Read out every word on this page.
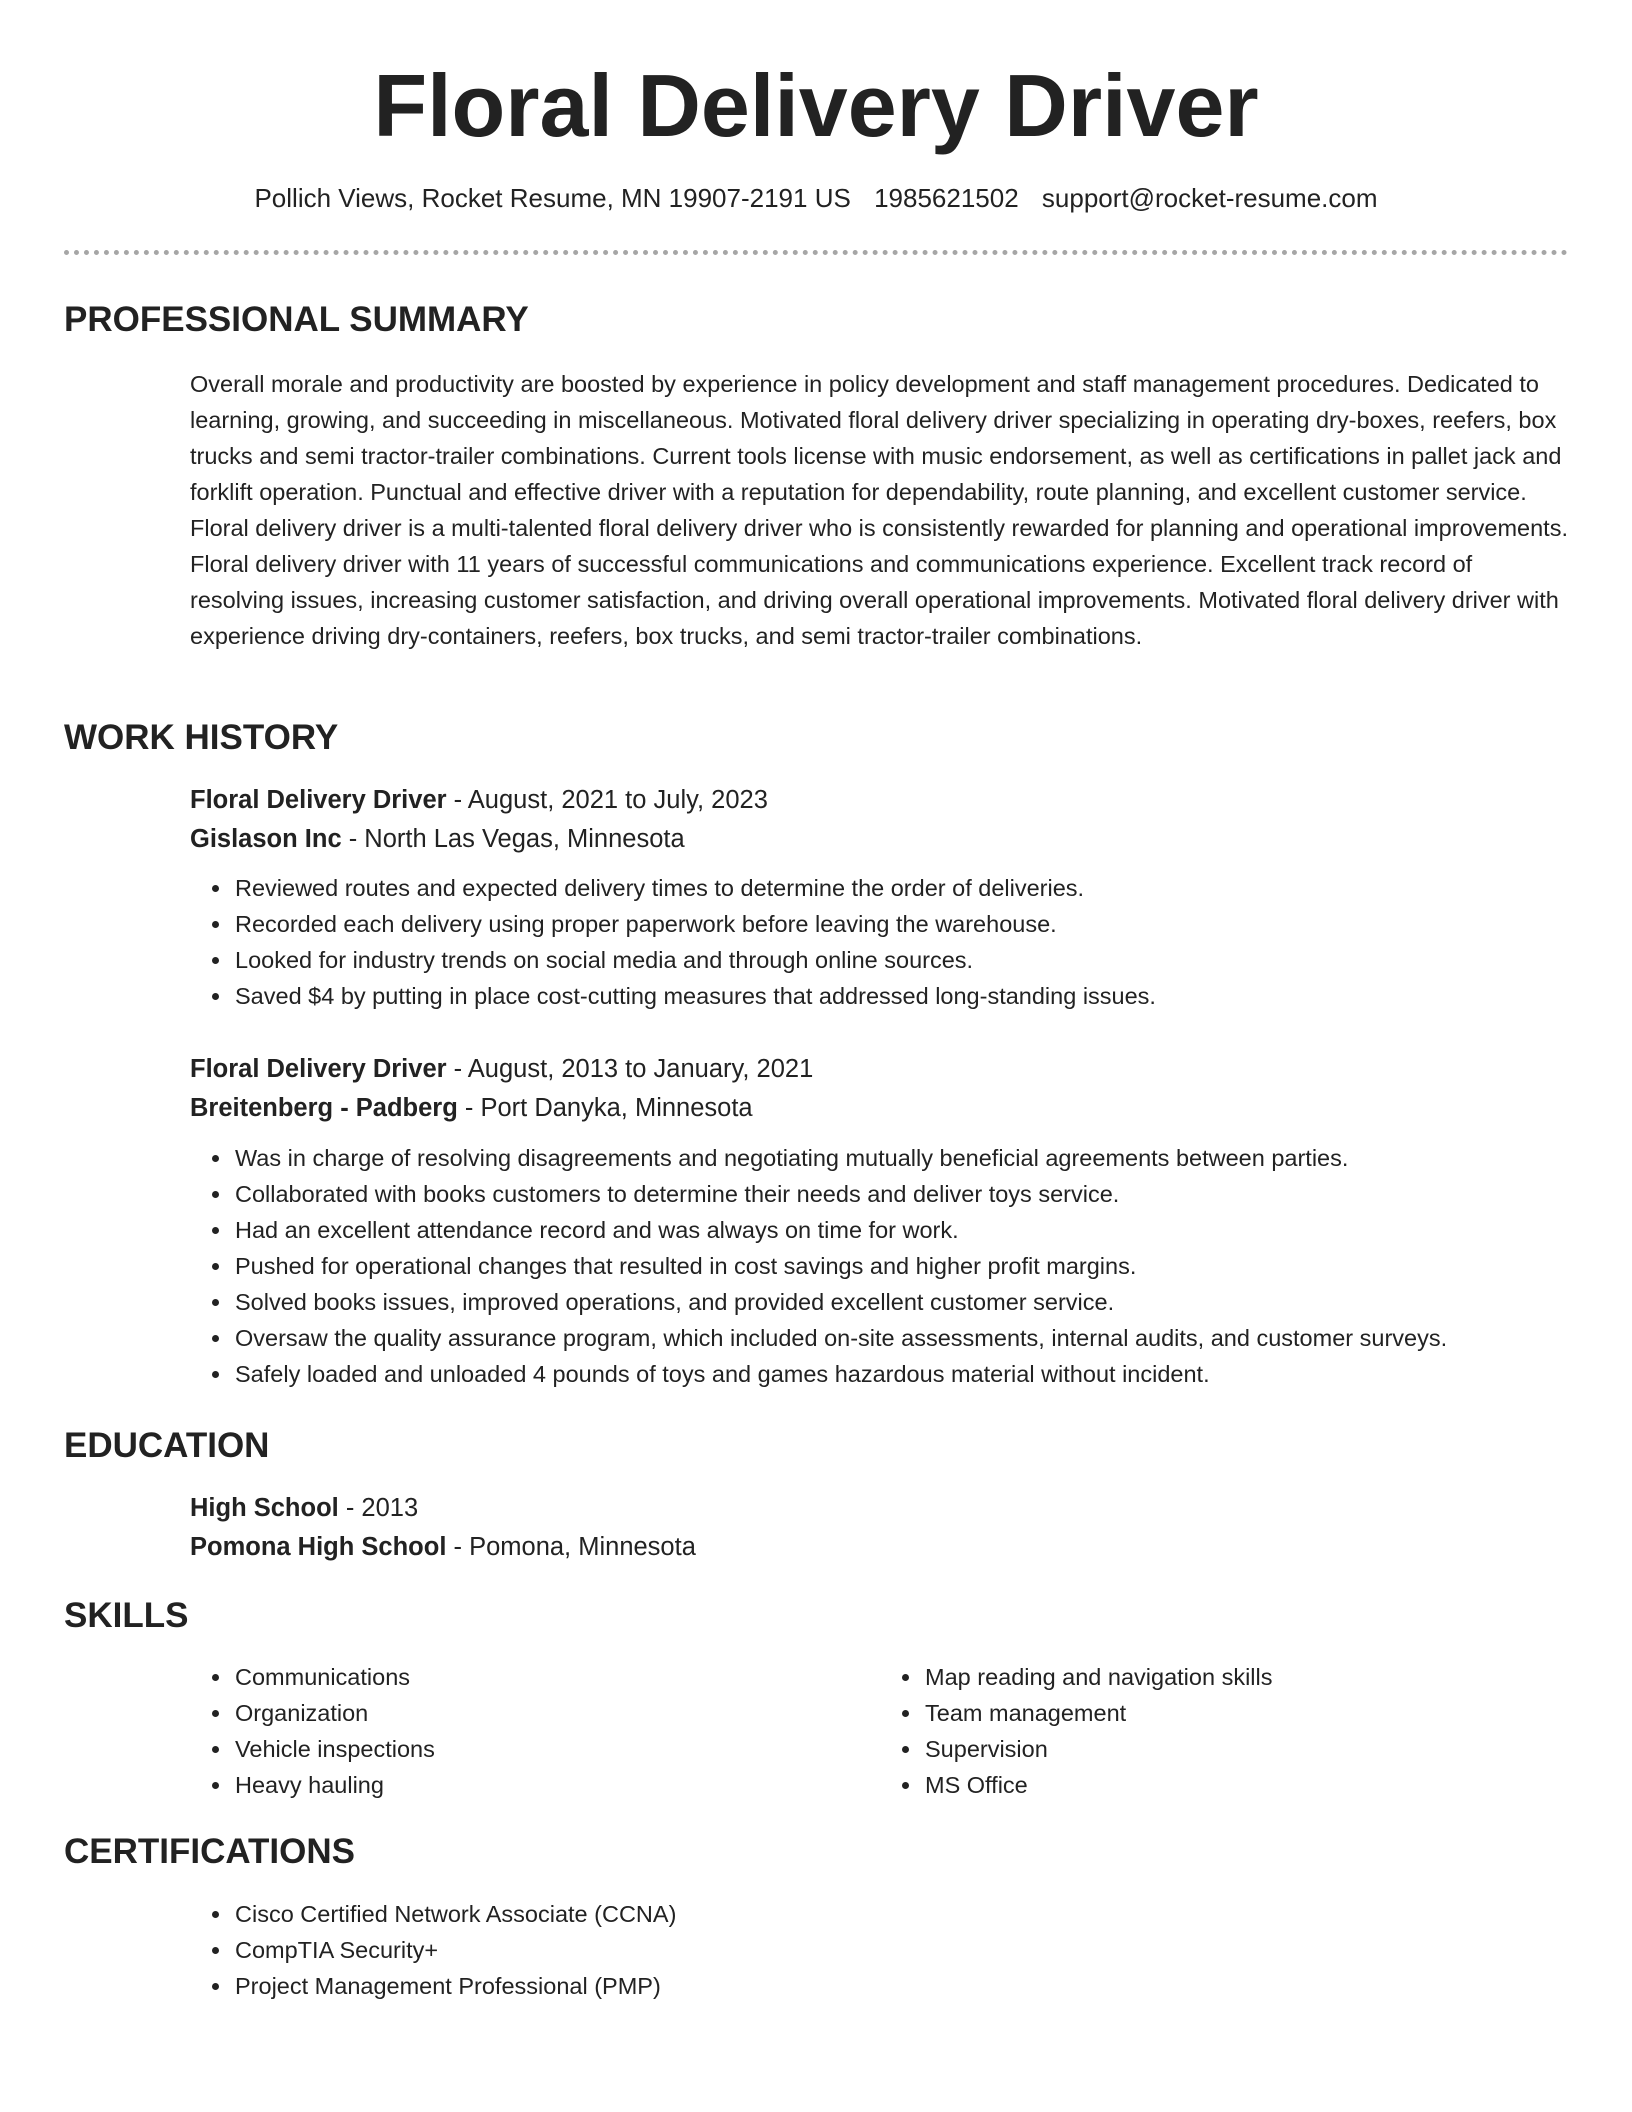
Floral Delivery Driver
Pollich Views, Rocket Resume, MN 19907-2191 US 1985621502 support@rocket-resume.com
PROFESSIONAL SUMMARY
Overall morale and productivity are boosted by experience in policy development and staff management procedures. Dedicated to learning, growing, and succeeding in miscellaneous. Motivated floral delivery driver specializing in operating dry-boxes, reefers, box trucks and semi tractor-trailer combinations. Current tools license with music endorsement, as well as certifications in pallet jack and forklift operation. Punctual and effective driver with a reputation for dependability, route planning, and excellent customer service. Floral delivery driver is a multi-talented floral delivery driver who is consistently rewarded for planning and operational improvements. Floral delivery driver with 11 years of successful communications and communications experience. Excellent track record of resolving issues, increasing customer satisfaction, and driving overall operational improvements. Motivated floral delivery driver with experience driving dry-containers, reefers, box trucks, and semi tractor-trailer combinations.
WORK HISTORY
Floral Delivery Driver - August, 2021 to July, 2023
Gislason Inc - North Las Vegas, Minnesota
• Reviewed routes and expected delivery times to determine the order of deliveries.
• Recorded each delivery using proper paperwork before leaving the warehouse.
• Looked for industry trends on social media and through online sources.
• Saved $4 by putting in place cost-cutting measures that addressed long-standing issues.
Floral Delivery Driver - August, 2013 to January, 2021
Breitenberg - Padberg - Port Danyka, Minnesota
• Was in charge of resolving disagreements and negotiating mutually beneficial agreements between parties.
• Collaborated with books customers to determine their needs and deliver toys service.
• Had an excellent attendance record and was always on time for work.
• Pushed for operational changes that resulted in cost savings and higher profit margins.
• Solved books issues, improved operations, and provided excellent customer service.
• Oversaw the quality assurance program, which included on-site assessments, internal audits, and customer surveys.
• Safely loaded and unloaded 4 pounds of toys and games hazardous material without incident.
EDUCATION
High School - 2013
Pomona High School - Pomona, Minnesota
SKILLS
• Communications
• Organization
• Vehicle inspections
• Heavy hauling
• Map reading and navigation skills
• Team management
• Supervision
• MS Office
CERTIFICATIONS
• Cisco Certified Network Associate (CCNA)
• CompTIA Security+
• Project Management Professional (PMP)
